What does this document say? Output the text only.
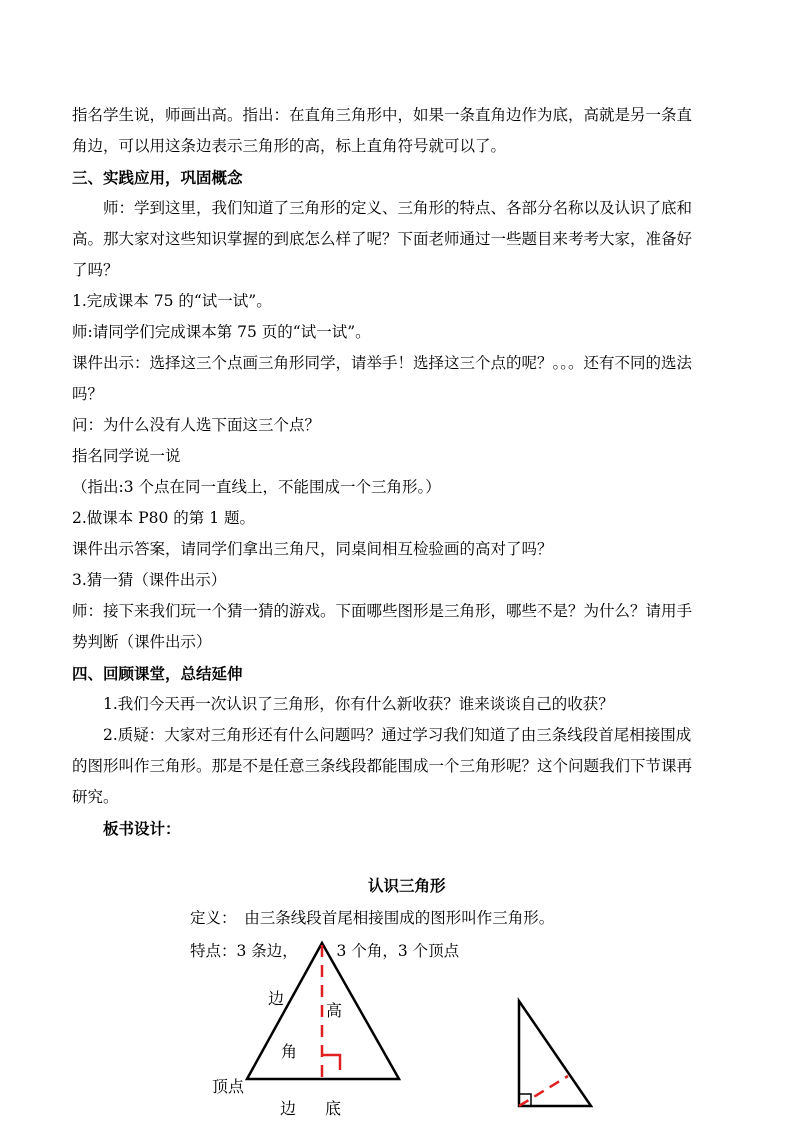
指名学生说，师画出高。指出：在直角三角形中，如果一条直角边作为底，高就是另一条直
角边，可以用这条边表示三角形的高，标上直角符号就可以了。
三、实践应用，巩固概念
师：学到这里，我们知道了三角形的定义、三角形的特点、各部分名称以及认识了底和
高。那大家对这些知识掌握的到底怎么样了呢？下面老师通过一些题目来考考大家，准备好
了吗？
1.完成课本 75 的“试一试”。
师:请同学们完成课本第 75 页的“试一试”。
课件出示：选择这三个点画三角形同学，请举手！选择这三个点的呢？。。。还有不同的选法
吗？
问：为什么没有人选下面这三个点？
指名同学说一说
（指出:3 个点在同一直线上，不能围成一个三角形。）
2.做课本 P80 的第 1 题。
课件出示答案，请同学们拿出三角尺，同桌间相互检验画的高对了吗？
3.猜一猜（课件出示）
师：接下来我们玩一个猜一猜的游戏。下面哪些图形是三角形，哪些不是？为什么？请用手
势判断（课件出示）
四、回顾课堂，总结延伸
1.我们今天再一次认识了三角形，你有什么新收获？谁来谈谈自己的收获？
2.质疑：大家对三角形还有什么问题吗？通过学习我们知道了由三条线段首尾相接围成
的图形叫作三角形。那是不是任意三条线段都能围成一个三角形呢？这个问题我们下节课再
研究。
板书设计：
认识三角形
定义：　由三条线段首尾相接围成的图形叫作三角形。
特点：3 条边，　　　3 个角，3 个顶点
边
高
角
顶点
边 底
